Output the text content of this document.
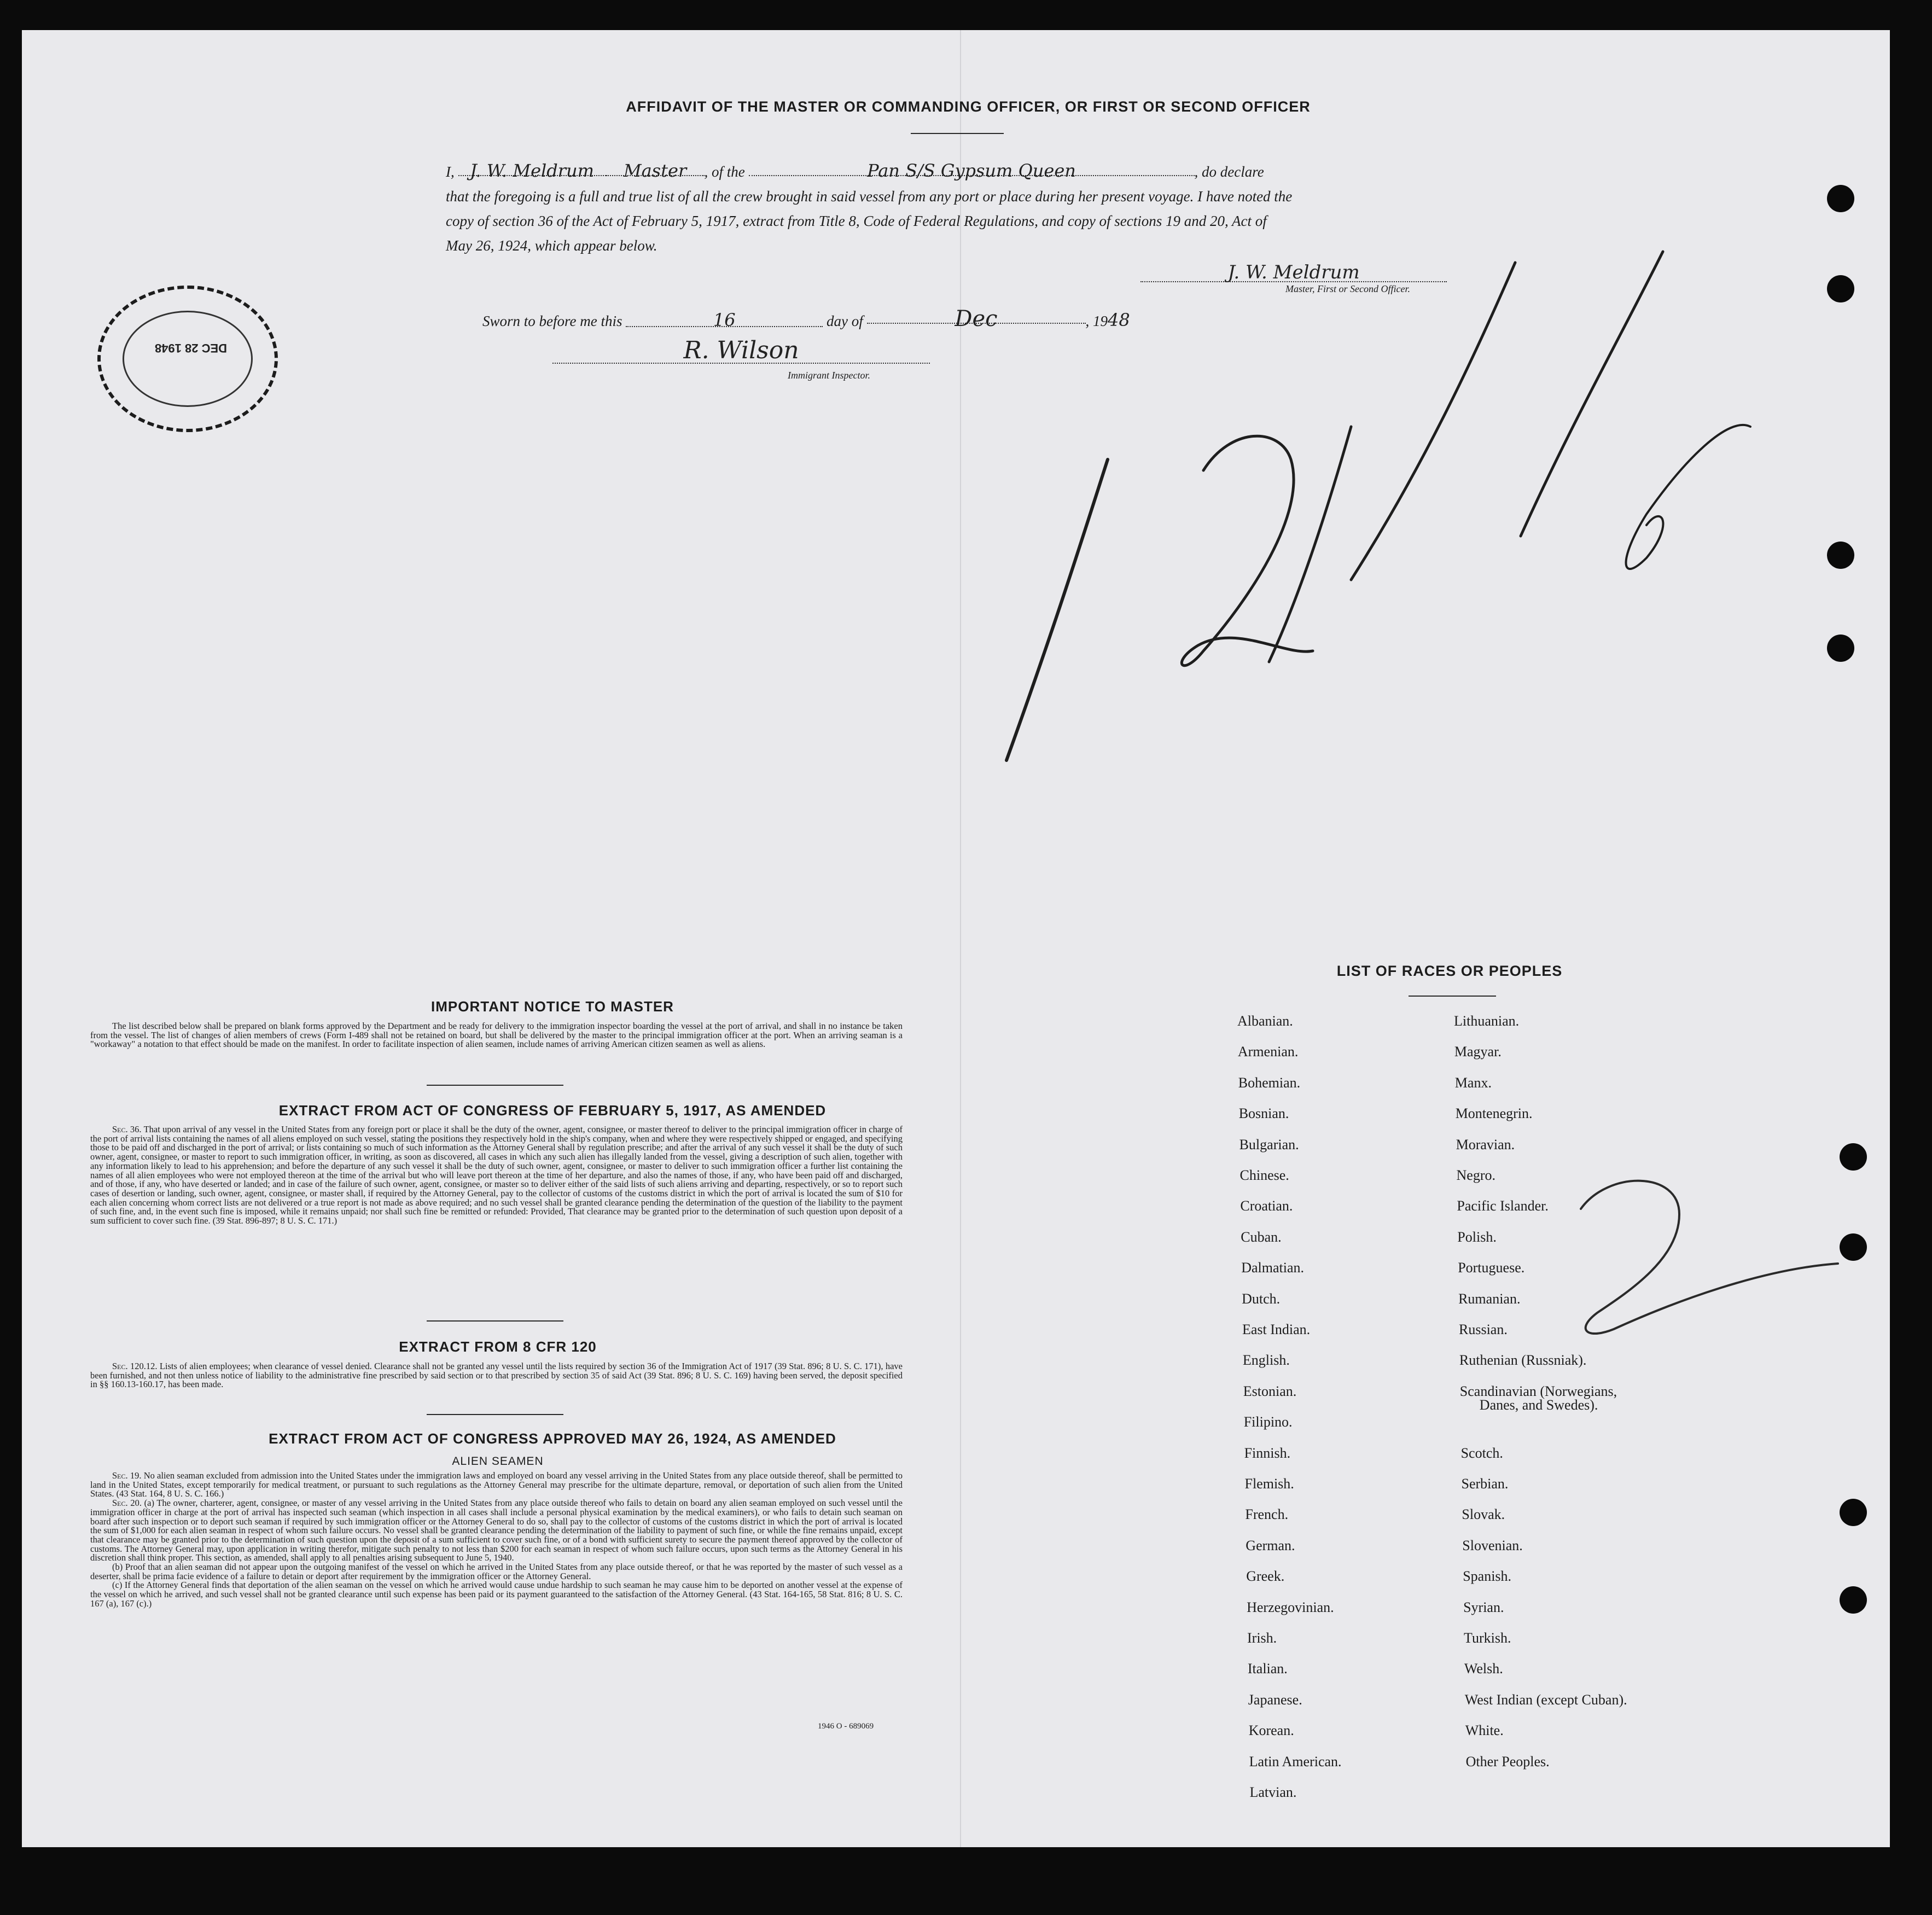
AFFIDAVIT OF THE MASTER OR COMMANDING OFFICER, OR FIRST OR SECOND OFFICER
I, J. W. Meldrum Master , of the	Pan S/S Gypsum Queen	, do declare
that the foregoing is a full and true list of all the crew brought in said vessel from any port or place during her present voyage. I have noted the
copy of section 36 of the Act of February 5, 1917, extract from Title 8, Code of Federal Regulations, and copy of sections 19 and 20, Act of
May 26, 1924, which appear below.
J. W. Meldrum
Master, First or Second Officer.
Sworn to before me this	16	day of	Dec	, 1948
R. Wilson
Immigrant Inspector.
DEC 28 1948
2
IMPORTANT NOTICE TO MASTER

The list described below shall be prepared on blank forms approved by the Department and be ready for delivery to the immigration inspector boarding the vessel at the port of arrival, and shall in no instance be taken from the vessel. The list of changes of alien members of crews (Form I-489 shall not be retained on board, but shall be delivered by the master to the principal immigration officer at the port. When an arriving seaman is a "workaway" a notation to that effect should be made on the manifest. In order to facilitate inspection of alien seamen, include names of arriving American citizen seamen as well as aliens.

EXTRACT FROM ACT OF CONGRESS OF FEBRUARY 5, 1917, AS AMENDED

Sec. 36. That upon arrival of any vessel in the United States from any foreign port or place it shall be the duty of the owner, agent, consignee, or master thereof to deliver to the principal immigration officer in charge of the port of arrival lists containing the names of all aliens employed on such vessel, stating the positions they respectively hold in the ship's company, when and where they were respectively shipped or engaged, and specifying those to be paid off and discharged in the port of arrival; or lists containing so much of such information as the Attorney General shall by regulation prescribe; and after the arrival of any such vessel it shall be the duty of such owner, agent, consignee, or master to report to such immigration officer, in writing, as soon as discovered, all cases in which any such alien has illegally landed from the vessel, giving a description of such alien, together with any information likely to lead to his apprehension; and before the departure of any such vessel it shall be the duty of such owner, agent, consignee, or master to deliver to such immigration officer a further list containing the names of all alien employees who were not employed thereon at the time of the arrival but who will leave port thereon at the time of her departure, and also the names of those, if any, who have been paid off and discharged, and of those, if any, who have deserted or landed; and in case of the failure of such owner, agent, consignee, or master so to deliver either of the said lists of such aliens arriving and departing, respectively, or so to report such cases of desertion or landing, such owner, agent, consignee, or master shall, if required by the Attorney General, pay to the collector of customs of the customs district in which the port of arrival is located the sum of $10 for each alien concerning whom correct lists are not delivered or a true report is not made as above required; and no such vessel shall be granted clearance pending the determination of the question of the liability to the payment of such fine, and, in the event such fine is imposed, while it remains unpaid; nor shall such fine be remitted or refunded: Provided, That clearance may be granted prior to the determination of such question upon deposit of a sum sufficient to cover such fine. (39 Stat. 896-897; 8 U. S. C. 171.)

EXTRACT FROM 8 CFR 120

Sec. 120.12. Lists of alien employees; when clearance of vessel denied. Clearance shall not be granted any vessel until the lists required by section 36 of the Immigration Act of 1917 (39 Stat. 896; 8 U. S. C. 171), have been furnished, and not then unless notice of liability to the administrative fine prescribed by said section or to that prescribed by section 35 of said Act (39 Stat. 896; 8 U. S. C. 169) having been served, the deposit specified in §§ 160.13-160.17, has been made.

EXTRACT FROM ACT OF CONGRESS APPROVED MAY 26, 1924, AS AMENDED
ALIEN SEAMEN

Sec. 19. No alien seaman excluded from admission into the United States under the immigration laws and employed on board any vessel arriving in the United States from any place outside thereof, shall be permitted to land in the United States, except temporarily for medical treatment, or pursuant to such regulations as the Attorney General may prescribe for the ultimate departure, removal, or deportation of such alien from the United States. (43 Stat. 164, 8 U. S. C. 166.)

Sec. 20. (a) The owner, charterer, agent, consignee, or master of any vessel arriving in the United States from any place outside thereof who fails to detain on board any alien seaman employed on such vessel until the immigration officer in charge at the port of arrival has inspected such seaman (which inspection in all cases shall include a personal physical examination by the medical examiners), or who fails to detain such seaman on board after such inspection or to deport such seaman if required by such immigration officer or the Attorney General to do so, shall pay to the collector of customs of the customs district in which the port of arrival is located the sum of $1,000 for each alien seaman in respect of whom such failure occurs. No vessel shall be granted clearance pending the determination of the liability to payment of such fine, or while the fine remains unpaid, except that clearance may be granted prior to the determination of such question upon the deposit of a sum sufficient to cover such fine, or of a bond with sufficient surety to secure the payment thereof approved by the collector of customs. The Attorney General may, upon application in writing therefor, mitigate such penalty to not less than $200 for each seaman in respect of whom such failure occurs, upon such terms as the Attorney General in his discretion shall think proper. This section, as amended, shall apply to all penalties arising subsequent to June 5, 1940.

(b) Proof that an alien seaman did not appear upon the outgoing manifest of the vessel on which he arrived in the United States from any place outside thereof, or that he was reported by the master of such vessel as a deserter, shall be prima facie evidence of a failure to detain or deport after requirement by the immigration officer or the Attorney General.

(c) If the Attorney General finds that deportation of the alien seaman on the vessel on which he arrived would cause undue hardship to such seaman he may cause him to be deported on another vessel at the expense of the vessel on which he arrived, and such vessel shall not be granted clearance until such expense has been paid or its payment guaranteed to the satisfaction of the Attorney General. (43 Stat. 164-165, 58 Stat. 816; 8 U. S. C. 167 (a), 167 (c).)

1946 O - 689069
LIST OF RACES OR PEOPLES
Albanian.
Armenian.
Bohemian.
Bosnian.
Bulgarian.
Chinese.
Croatian.
Cuban.
Dalmatian.
Dutch.
East Indian.
English.
Estonian.
Filipino.
Finnish.
Flemish.
French.
German.
Greek.
Herzegovinian.
Irish.
Italian.
Japanese.
Korean.
Latin American.
Latvian.
Lithuanian.
Magyar.
Manx.
Montenegrin.
Moravian.
Negro.
Pacific Islander.
Polish.
Portuguese.
Rumanian.
Russian.
Ruthenian (Russniak).
Scandinavian (Norwegians,
Danes, and Swedes).
Scotch.
Serbian.
Slovak.
Slovenian.
Spanish.
Syrian.
Turkish.
Welsh.
West Indian (except Cuban).
White.
Other Peoples.
